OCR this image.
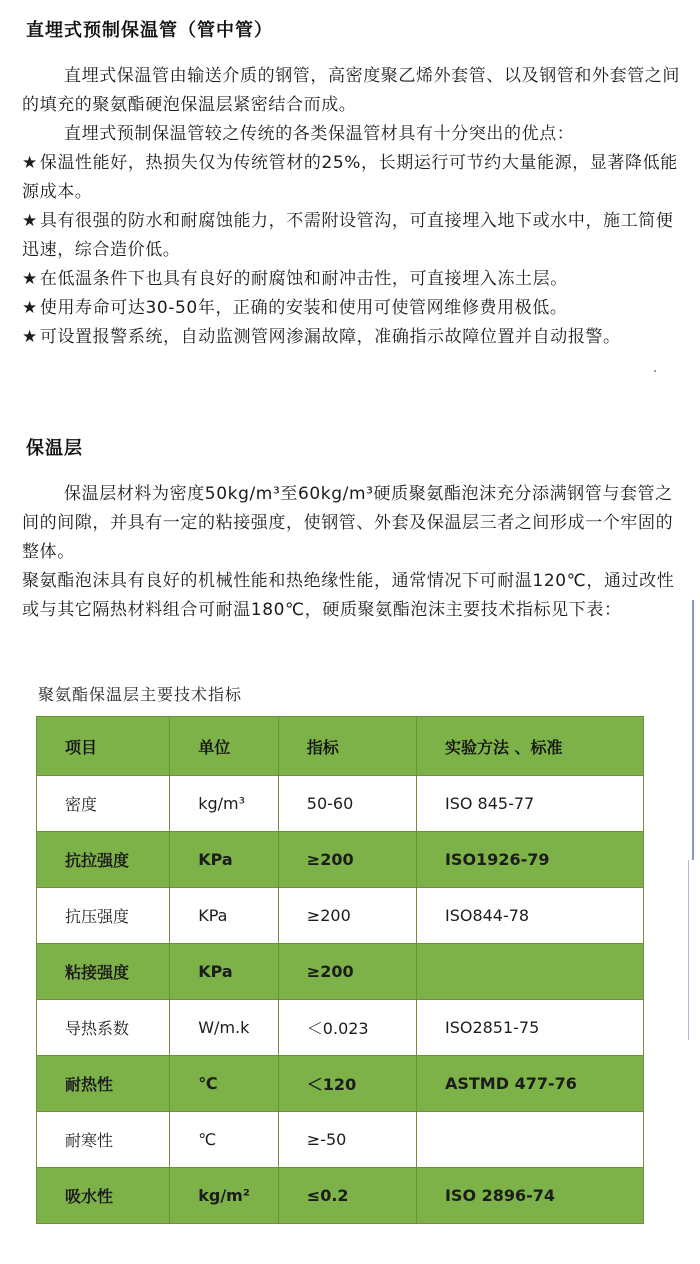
直埋式预制保温管（管中管）

直埋式保温管由输送介质的钢管，高密度聚乙烯外套管、以及钢管和外套管之间的填充的聚氨酯硬泡保温层紧密结合而成。

直埋式预制保温管较之传统的各类保温管材具有十分突出的优点：

★ 保温性能好，热损失仅为传统管材的25%，长期运行可节约大量能源，显著降低能源成本。

★ 具有很强的防水和耐腐蚀能力，不需附设管沟，可直接埋入地下或水中，施工简便迅速，综合造价低。

★ 在低温条件下也具有良好的耐腐蚀和耐冲击性，可直接埋入冻土层。

★ 使用寿命可达30-50年，正确的安装和使用可使管网维修费用极低。

★ 可设置报警系统，自动监测管网渗漏故障，准确指示故障位置并自动报警。

保温层

保温层材料为密度50kg/m³至60kg/m³硬质聚氨酯泡沫充分添满钢管与套管之间的间隙，并具有一定的粘接强度，使钢管、外套及保温层三者之间形成一个牢固的整体。

聚氨酯泡沫具有良好的机械性能和热绝缘性能，通常情况下可耐温120℃，通过改性或与其它隔热材料组合可耐温180℃，硬质聚氨酯泡沫主要技术指标见下表：

聚氨酯保温层主要技术指标
项目	单位	指标	实验方法 、标准
密度	kg/m³	50-60	ISO 845-77
抗拉强度	KPa	≥200	ISO1926-79
抗压强度	KPa	≥200	ISO844-78
粘接强度	KPa	≥200	
导热系数	W/m.k	＜0.023	ISO2851-75
耐热性	℃	＜120	ASTMD 477-76
耐寒性	℃	≥-50	
吸水性	kg/m²	≤0.2	ISO 2896-74
